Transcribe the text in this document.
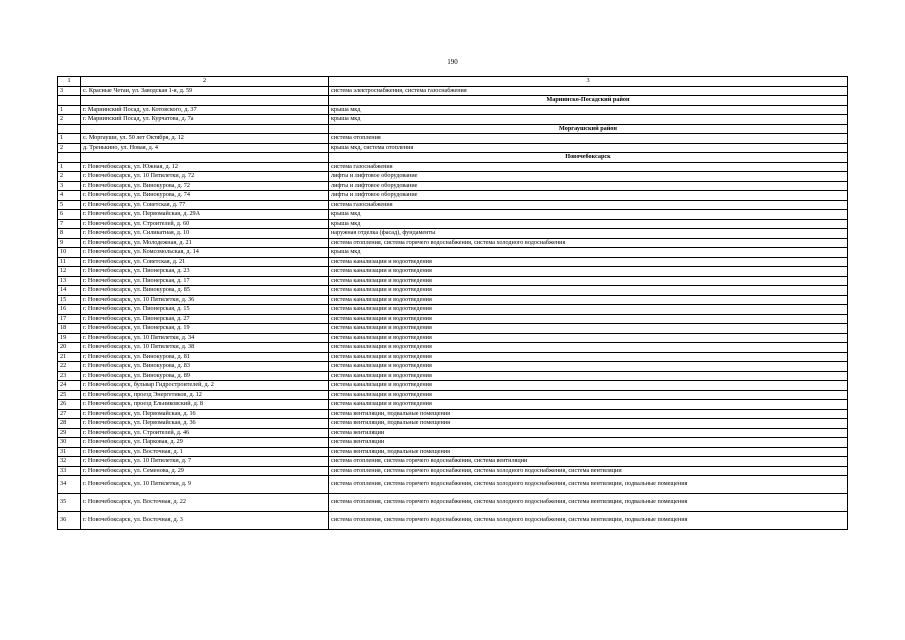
190
1	2	3
3	с. Красные Четаи, ул. Заводская 1-я, д. 59	система электроснабжения, система газоснабжения
		Мариинско-Посадский район
1	г. Мариинский Посад, ул. Котовского, д. 37	крыша мкд
2	г. Мариинский Посад, ул. Курчатова, д. 7а	крыша мкд
		Моргаушский район
1	с. Моргауши, ул. 50 лет Октября, д. 12	система отопления
2	д. Тренькино, ул. Новая, д. 4	крыша мкд, система отопления
		Новочебоксарск
1	г. Новочебоксарск, ул. Южная, д. 12	система газоснабжения
2	г. Новочебоксарск, ул. 10 Пятилетки, д. 72	лифты и лифтовое оборудование
3	г. Новочебоксарск, ул. Винокурова, д. 72	лифты и лифтовое оборудование
4	г. Новочебоксарск, ул. Винокурова, д. 74	лифты и лифтовое оборудование
5	г. Новочебоксарск, ул. Советская, д. 77	система газоснабжения
6	г. Новочебоксарск, ул. Первомайская, д. 29А	крыша мкд
7	г. Новочебоксарск, ул. Строителей, д. 60	крыша мкд
8	г. Новочебоксарск, ул. Силикатная, д. 10	наружная отделка (фасад), фундаменты
9	г. Новочебоксарск, ул. Молодежная, д. 21	система отопления, система горячего водоснабжения, система холодного водоснабжения
10	г. Новочебоксарск, ул. Комсомольская, д. 14	крыша мкд
11	г. Новочебоксарск, ул. Советская, д. 21	система канализации и водоотведения
12	г. Новочебоксарск, ул. Пионерская, д. 23	система канализации и водоотведения
13	г. Новочебоксарск, ул. Пионерская, д. 17	система канализации и водоотведения
14	г. Новочебоксарск, ул. Винокурова, д. 85	система канализации и водоотведения
15	г. Новочебоксарск, ул. 10 Пятилетки, д. 36	система канализации и водоотведения
16	г. Новочебоксарск, ул. Пионерская, д. 15	система канализации и водоотведения
17	г. Новочебоксарск, ул. Пионерская, д. 27	система канализации и водоотведения
18	г. Новочебоксарск, ул. Пионерская, д. 19	система канализации и водоотведения
19	г. Новочебоксарск, ул. 10 Пятилетки, д. 34	система канализации и водоотведения
20	г. Новочебоксарск, ул. 10 Пятилетки, д. 38	система канализации и водоотведения
21	г. Новочебоксарск, ул. Винокурова, д. 81	система канализации и водоотведения
22	г. Новочебоксарск, ул. Винокурова, д. 83	система канализации и водоотведения
23	г. Новочебоксарск, ул. Винокурова, д. 89	система канализации и водоотведения
24	г. Новочебоксарск, бульвар Гидростроителей, д. 2	система канализации и водоотведения
25	г. Новочебоксарск, проезд Энергетиков, д. 12	система канализации и водоотведения
26	г. Новочебоксарск, проезд Ельниковский, д. 8	система канализации и водоотведения
27	г. Новочебоксарск, ул. Первомайская, д. 16	система вентиляции, подвальные помещения
28	г. Новочебоксарск, ул. Первомайская, д. 36	система вентиляции, подвальные помещения
29	г. Новочебоксарск, ул. Строителей, д. 46	система вентиляции
30	г. Новочебоксарск, ул. Парковая, д. 29	система вентиляции
31	г. Новочебоксарск, ул. Восточная, д. 1	система вентиляции, подвальные помещения
32	г. Новочебоксарск, ул. 10 Пятилетки, д. 7	система отопления, система горячего водоснабжения, система вентиляции
33	г. Новочебоксарск, ул. Семенова, д. 29	система отопления, система горячего водоснабжения, система холодного водоснабжения, система вентиляции
34	г. Новочебоксарск, ул. 10 Пятилетки, д. 9	система отопления, система горячего водоснабжения, система холодного водоснабжения, система вентиляции, подвальные помещения
35	г. Новочебоксарск, ул. Восточная, д. 22	система отопления, система горячего водоснабжения, система холодного водоснабжения, система вентиляции, подвальные помещения
36	г. Новочебоксарск, ул. Восточная, д. 3	система отопления, система горячего водоснабжения, система холодного водоснабжения, система вентиляции, подвальные помещения
